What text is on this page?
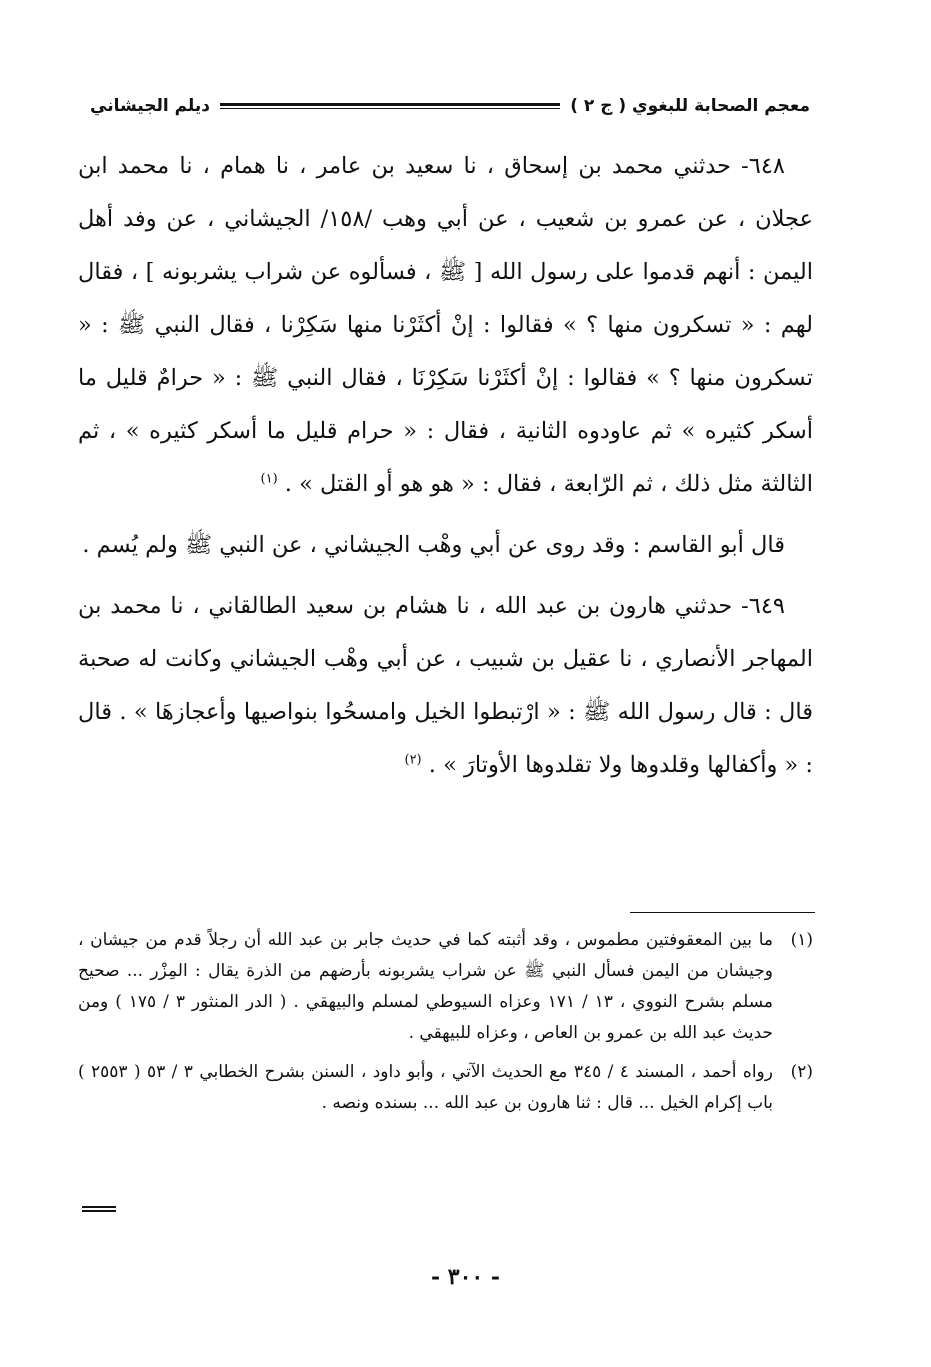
معجم الصحابة للبغوي ( ج ٢ )
ديلم الجيشاني

٦٤٨- حدثني محمد بن إسحاق ، نا سعيد بن عامر ، نا همام ، نا محمد ابن عجلان ، عن عمرو بن شعيب ، عن أبي وهب /١٥٨/ الجيشاني ، عن وفد أهل اليمن : أنهم قدموا على رسول الله [ ﷺ ، فسألوه عن شراب يشربونه ] ، فقال لهم : « تسكرون منها ؟ » فقالوا : إنْ أكثَرْنا منها سَكِرْنا ، فقال النبي ﷺ : « تسكرون منها ؟ » فقالوا : إنْ أكثَرْنا سَكِرْنَا ، فقال النبي ﷺ : « حرامٌ قليل ما أسكر كثيره » ثم عاودوه الثانية ، فقال : « حرام قليل ما أسكر كثيره » ، ثم الثالثة مثل ذلك ، ثم الرّابعة ، فقال : « هو هو أو القتل » . $^{(١)}$

قال أبو القاسم : وقد روى عن أبي وهْب الجيشاني ، عن النبي ﷺ ولم يُسم .

٦٤٩- حدثني هارون بن عبد الله ، نا هشام بن سعيد الطالقاني ، نا محمد بن المهاجر الأنصاري ، نا عقيل بن شبيب ، عن أبي وهْب الجيشاني وكانت له صحبة قال : قال رسول الله ﷺ : « ارْتبطوا الخيل وامسحُوا بنواصيها وأعجازهَا » . قال : « وأكفالها وقلدوها ولا تقلدوها الأوتارَ » . $^{(٢)}$

(١)
ما بين المعقوفتين مطموس ، وقد أثبته كما في حديث جابر بن عبد الله أن رجلاً قدم من جيشان ، وجيشان من اليمن فسأل النبي ﷺ عن شراب يشربونه بأرضهم من الذرة يقال : المِزْر ... صحيح مسلم بشرح النووي ، ١٣ / ١٧١ وعزاه السيوطي لمسلم والبيهقي . ( الدر المنثور ٣ / ١٧٥ ) ومن حديث عبد الله بن عمرو بن العاص ، وعزاه للبيهقي .
(٢)
رواه أحمد ، المسند ٤ / ٣٤٥ مع الحديث الآتي ، وأبو داود ، السنن بشرح الخطابي ٣ / ٥٣ ( ٢٥٥٣ ) باب إكرام الخيل ... قال : ثنا هارون بن عبد الله ... بسنده ونصه .
- ٣٠٠ -
